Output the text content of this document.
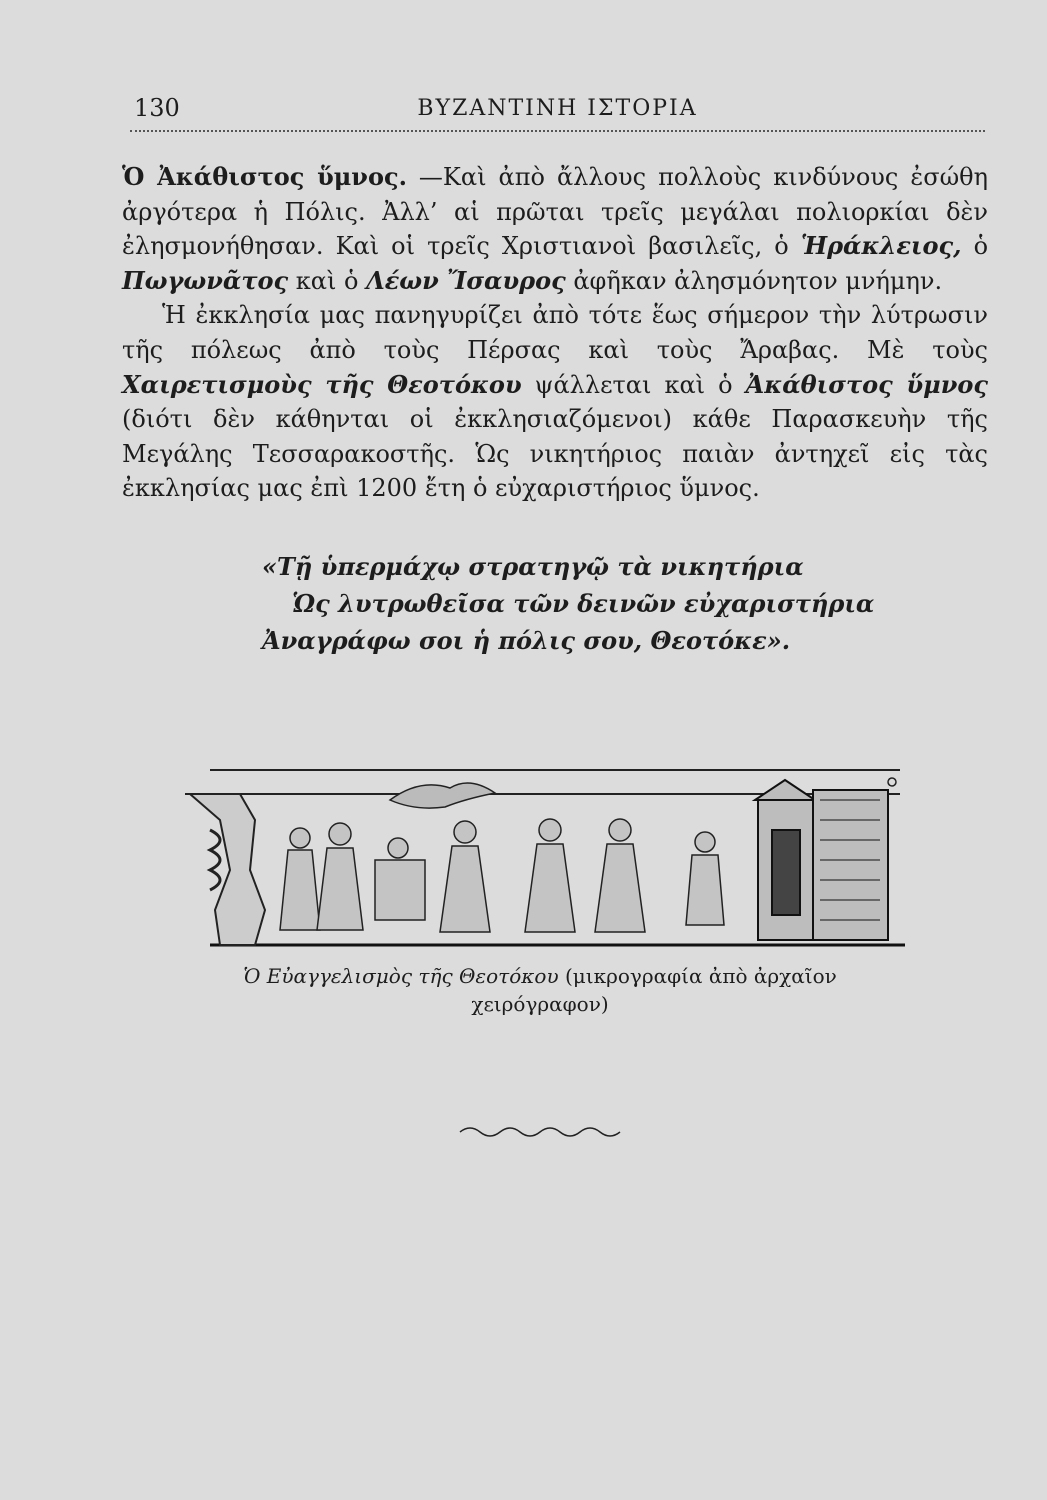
130	ΒΥΖΑΝΤΙΝΗ ΙΣΤΟΡΙΑ

Ὁ Ἀκάθιστος ὕμνος. —Καὶ ἀπὸ ἄλλους πολλοὺς κινδύνους ἐσώθη ἀργότερα ἡ Πόλις. Ἀλλ’ αἱ πρῶται τρεῖς μεγάλαι πολιορκίαι δὲν ἐλησμονήθησαν. Καὶ οἱ τρεῖς Χριστιανοὶ βασιλεῖς, ὁ Ἡράκλειος, ὁ Πωγωνᾶτος καὶ ὁ Λέων Ἴσαυρος ἀφῆκαν ἀλησμόνητον μνήμην.

Ἡ ἐκκλησία μας πανηγυρίζει ἀπὸ τότε ἕως σήμερον τὴν λύτρωσιν τῆς πόλεως ἀπὸ τοὺς Πέρσας καὶ τοὺς Ἄραβας. Μὲ τοὺς Χαιρετισμοὺς τῆς Θεοτόκου ψάλλεται καὶ ὁ Ἀκάθιστος ὕμνος (διότι δὲν κάθηνται οἱ ἐκκλησιαζόμενοι) κάθε Παρασκευὴν τῆς Μεγάλης Τεσσαρακοστῆς. Ὡς νικητήριος παιὰν ἀντηχεῖ εἰς τὰς ἐκκλησίας μας ἐπὶ 1200 ἔτη ὁ εὐχαριστήριος ὕμνος.

«Τῇ ὑπερμάχῳ στρατηγῷ τὰ νικητήρια
Ὡς λυτρωθεῖσα τῶν δεινῶν εὐχαριστήρια
Ἀναγράφω σοι ἡ πόλις σου, Θεοτόκε».
Ὁ Εὐαγγελισμὸς τῆς Θεοτόκου (μικρογραφία ἀπὸ ἀρχαῖον χειρόγραφον)
